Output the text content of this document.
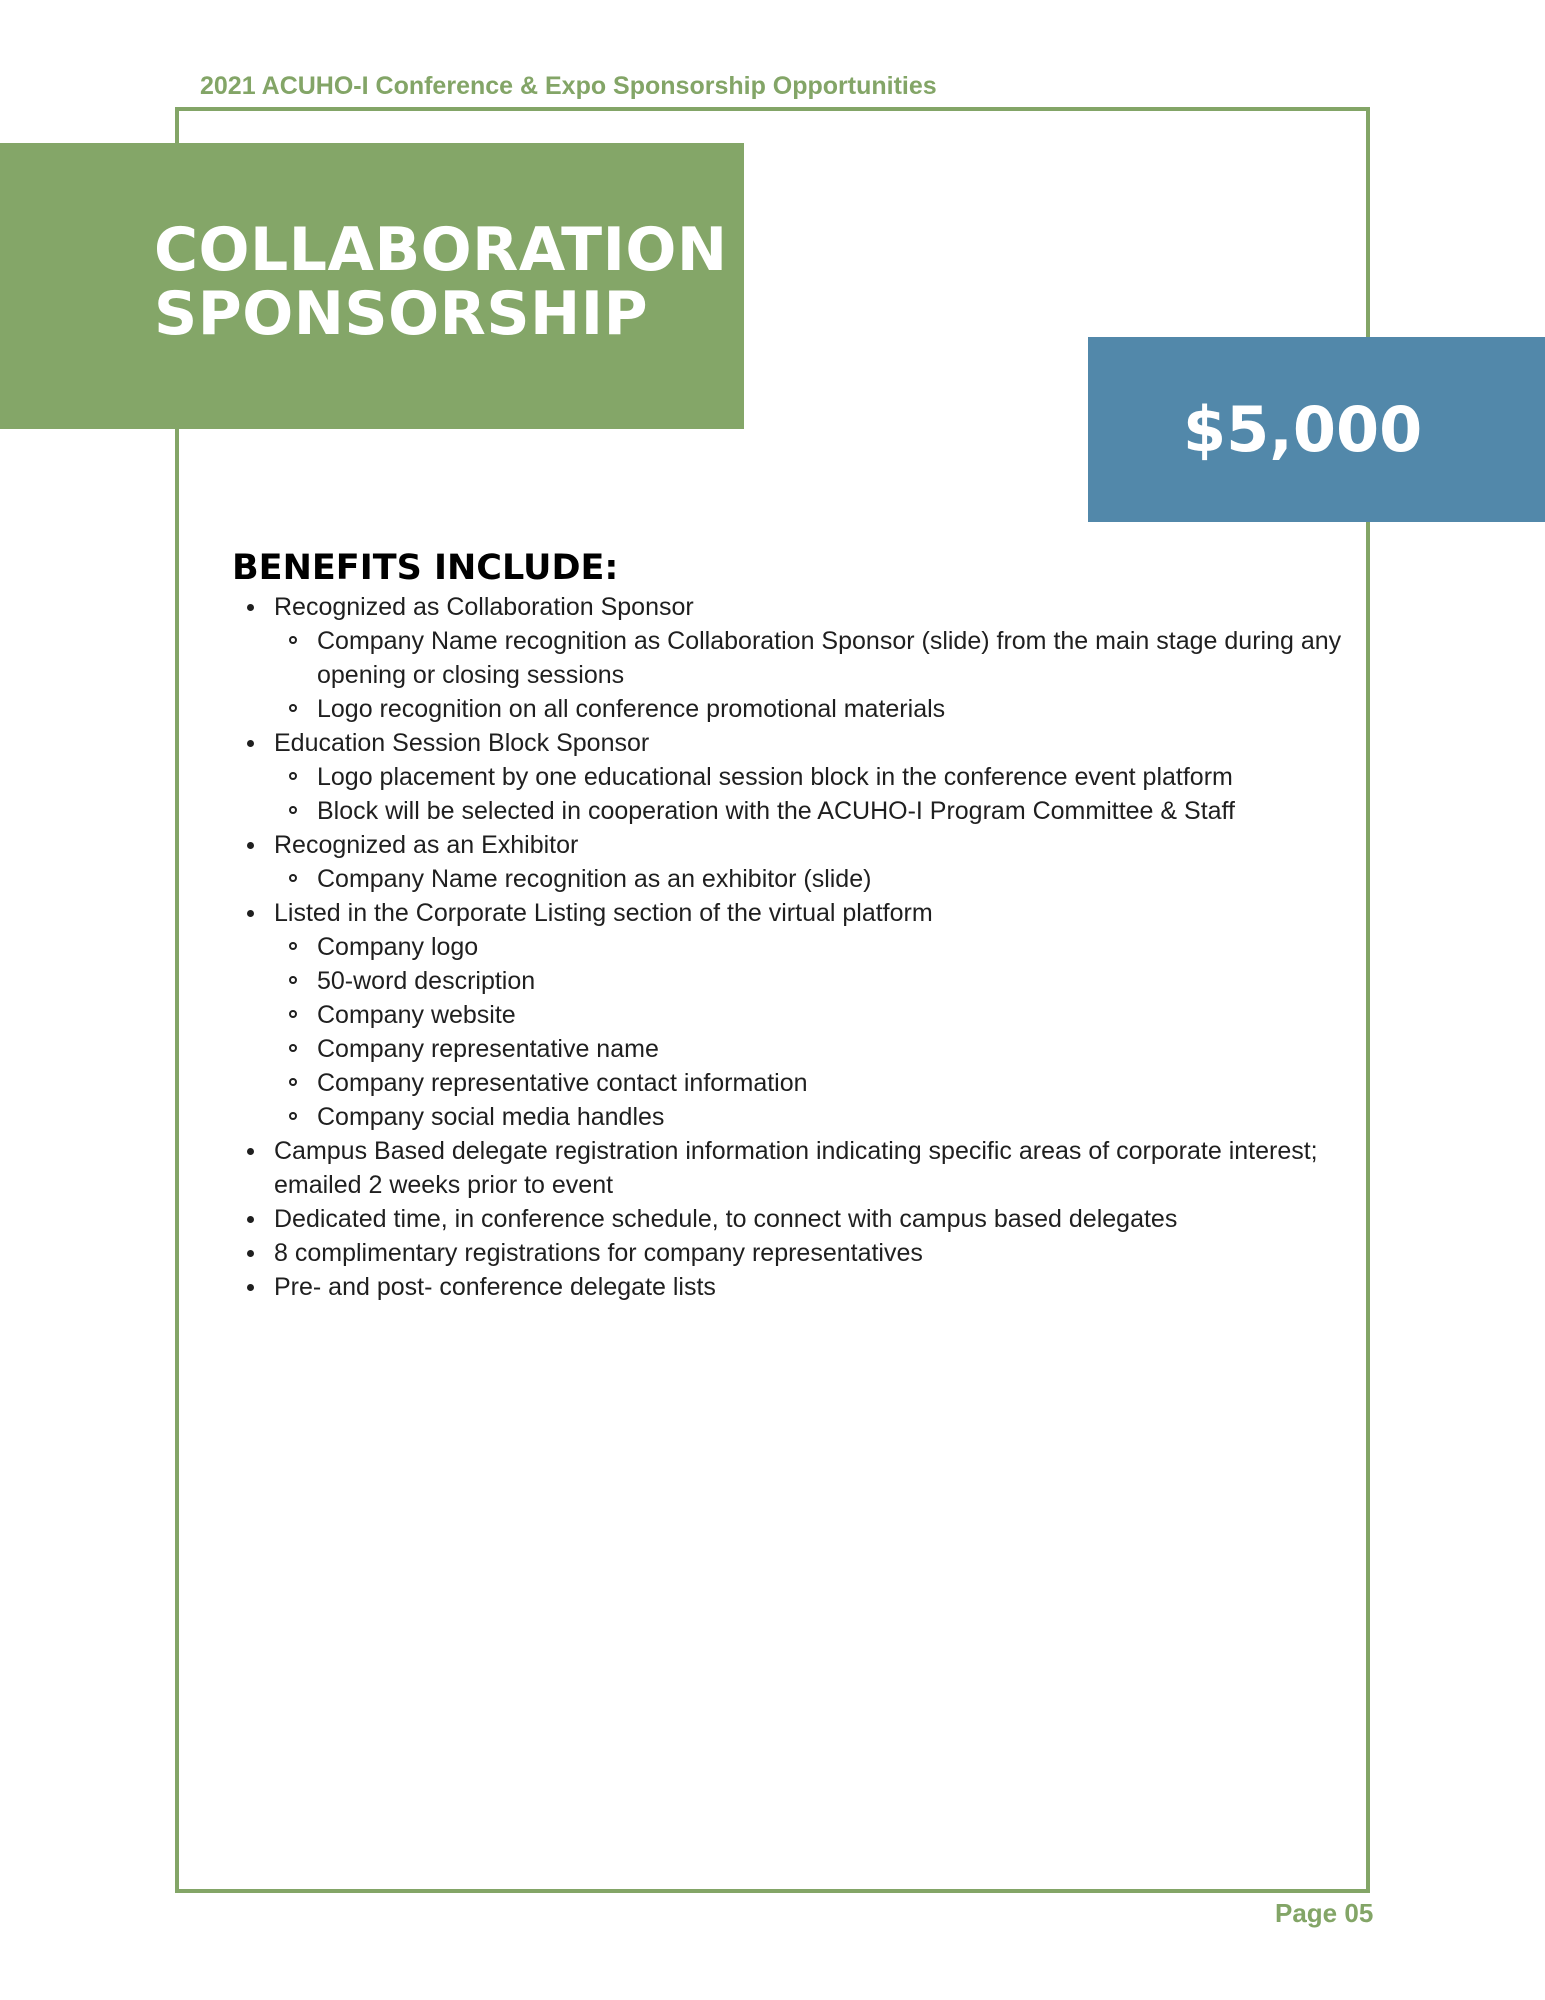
2021 ACUHO-I Conference & Expo Sponsorship Opportunities
COLLABORATION
SPONSORSHIP
$5,000
BENEFITS INCLUDE:
Recognized as Collaboration Sponsor
Company Name recognition as Collaboration Sponsor (slide) from the main stage during any opening or closing sessions
Logo recognition on all conference promotional materials
Education Session Block Sponsor
Logo placement by one educational session block in the conference event platform
Block will be selected in cooperation with the ACUHO-I Program Committee & Staff
Recognized as an Exhibitor
Company Name recognition as an exhibitor (slide)
Listed in the Corporate Listing section of the virtual platform
Company logo
50-word description
Company website
Company representative name
Company representative contact information
Company social media handles
Campus Based delegate registration information indicating specific areas of corporate interest; emailed 2 weeks prior to event
Dedicated time, in conference schedule, to connect with campus based delegates
8 complimentary registrations for company representatives
Pre- and post- conference delegate lists
Page 05
